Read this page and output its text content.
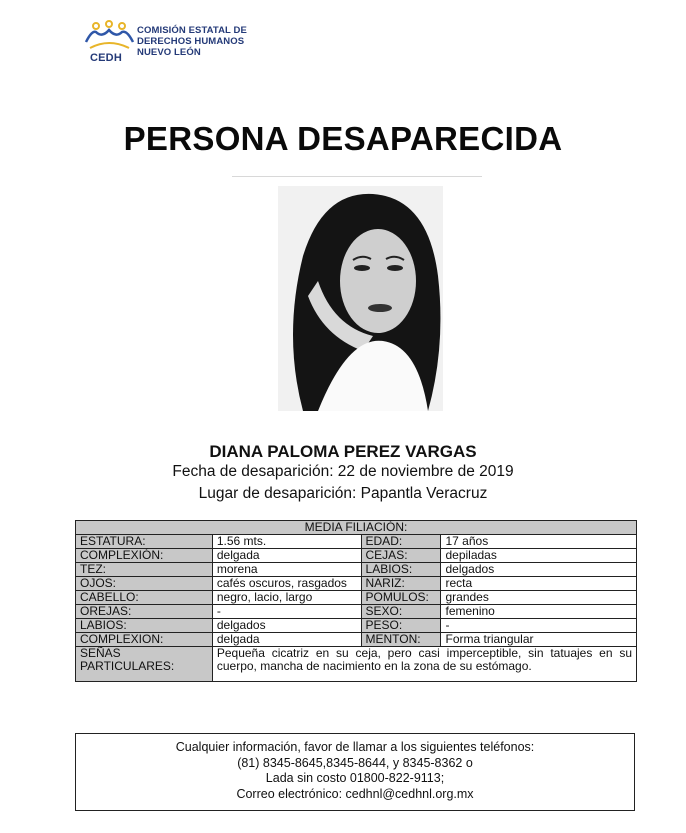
CEDH
COMISIÓN ESTATAL DE
DERECHOS HUMANOS
NUEVO LEÓN
PERSONA DESAPARECIDA
DIANA PALOMA PEREZ VARGAS
Fecha de desaparición: 22 de noviembre de 2019
Lugar de desaparición: Papantla Veracruz
MEDIA FILIACIÓN:			
ESTATURA:	1.56 mts.	EDAD:	17 años
COMPLEXIÓN:	delgada	CEJAS:	depiladas
TEZ:	morena	LABIOS:	delgados
OJOS:	cafés oscuros, rasgados	NARIZ:	recta
CABELLO:	negro, lacio, largo	POMULOS:	grandes
OREJAS:	-	SEXO:	femenino
LABIOS:	delgados	PESO:	-
COMPLEXION:	delgada	MENTON:	Forma triangular

SEÑAS
PARTICULARES:	Pequeña cicatriz en su ceja, pero casi imperceptible, sin tatuajes en su cuerpo, mancha de nacimiento en la zona de su estómago.		
Cualquier información, favor de llamar a los siguientes teléfonos:
(81) 8345-8645,8345-8644, y 8345-8362 o
Lada sin costo 01800-822-9113;
Correo electrónico: cedhnl@cedhnl.org.mx
